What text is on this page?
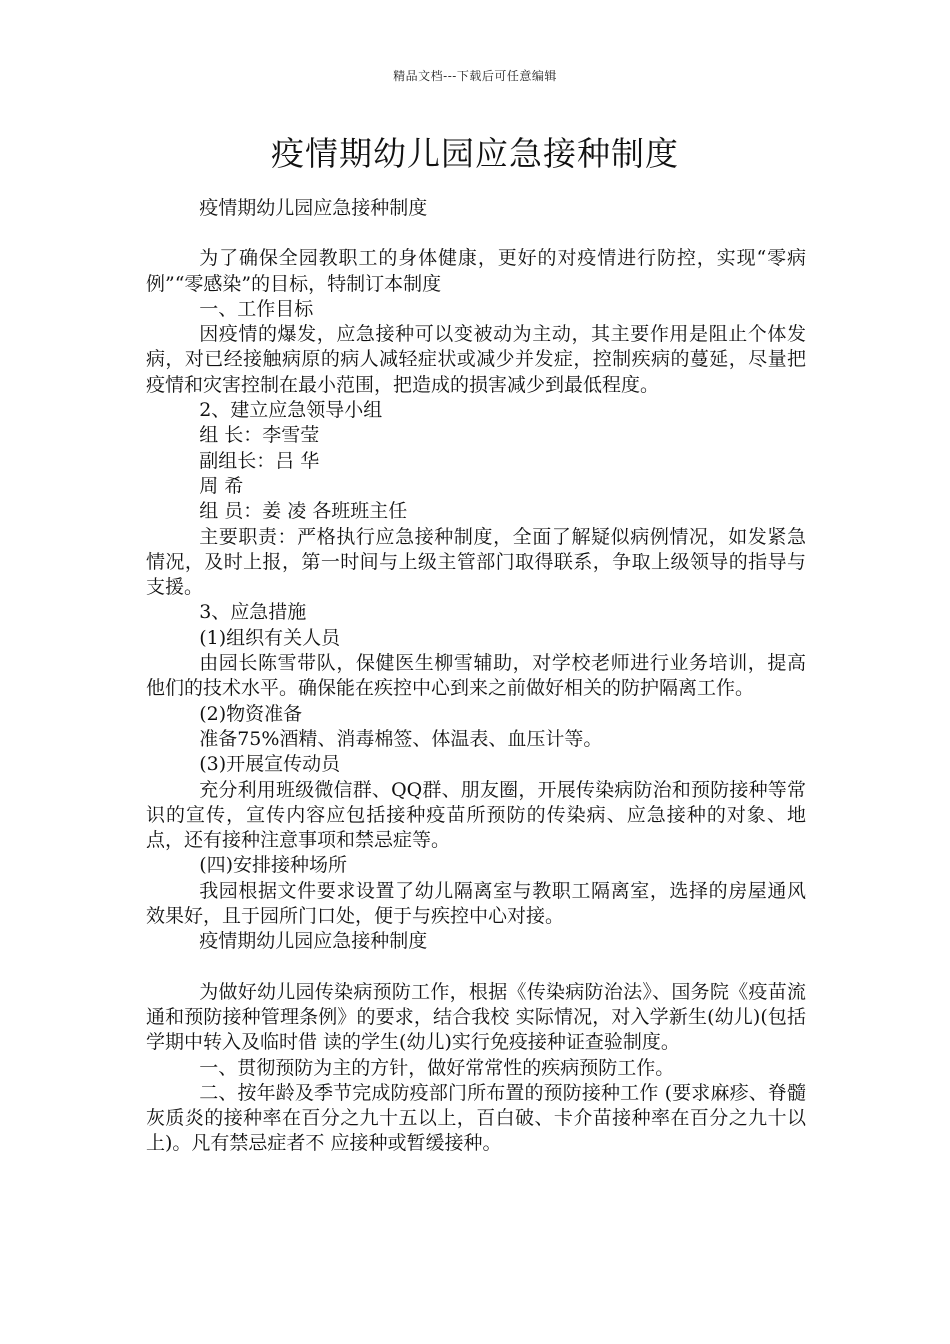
精品文档---下载后可任意编辑
疫情期幼儿园应急接种制度

疫情期幼儿园应急接种制度

为了确保全园教职工的身体健康，更好的对疫情进行防控，实现“零病例”“零感染”的目标，特制订本制度

一、工作目标

因疫情的爆发，应急接种可以变被动为主动，其主要作用是阻止个体发病，对已经接触病原的病人减轻症状或减少并发症，控制疾病的蔓延，尽量把疫情和灾害控制在最小范围，把造成的损害减少到最低程度。

2、建立应急领导小组

组 长：李雪莹

副组长：吕 华

周 希

组 员：姜 凌 各班班主任

主要职责：严格执行应急接种制度，全面了解疑似病例情况，如发紧急情况，及时上报，第一时间与上级主管部门取得联系，争取上级领导的指导与支援。

3、应急措施

(1)组织有关人员

由园长陈雪带队，保健医生柳雪辅助，对学校老师进行业务培训，提高他们的技术水平。确保能在疾控中心到来之前做好相关的防护隔离工作。

(2)物资准备

准备75%酒精、消毒棉签、体温表、血压计等。

(3)开展宣传动员

充分利用班级微信群、QQ群、朋友圈，开展传染病防治和预防接种等常识的宣传，宣传内容应包括接种疫苗所预防的传染病、应急接种的对象、地点，还有接种注意事项和禁忌症等。

(四)安排接种场所

我园根据文件要求设置了幼儿隔离室与教职工隔离室，选择的房屋通风效果好，且于园所门口处，便于与疾控中心对接。

疫情期幼儿园应急接种制度

为做好幼儿园传染病预防工作，根据《传染病防治法》、国务院《疫苗流通和预防接种管理条例》的要求，结合我校 实际情况，对入学新生(幼儿)(包括学期中转入及临时借 读的学生(幼儿)实行免疫接种证查验制度。

一、贯彻预防为主的方针，做好常常性的疾病预防工作。

二、按年龄及季节完成防疫部门所布置的预防接种工作 (要求麻疹、脊髓灰质炎的接种率在百分之九十五以上，百白破、卡介苗接种率在百分之九十以上)。凡有禁忌症者不 应接种或暂缓接种。
